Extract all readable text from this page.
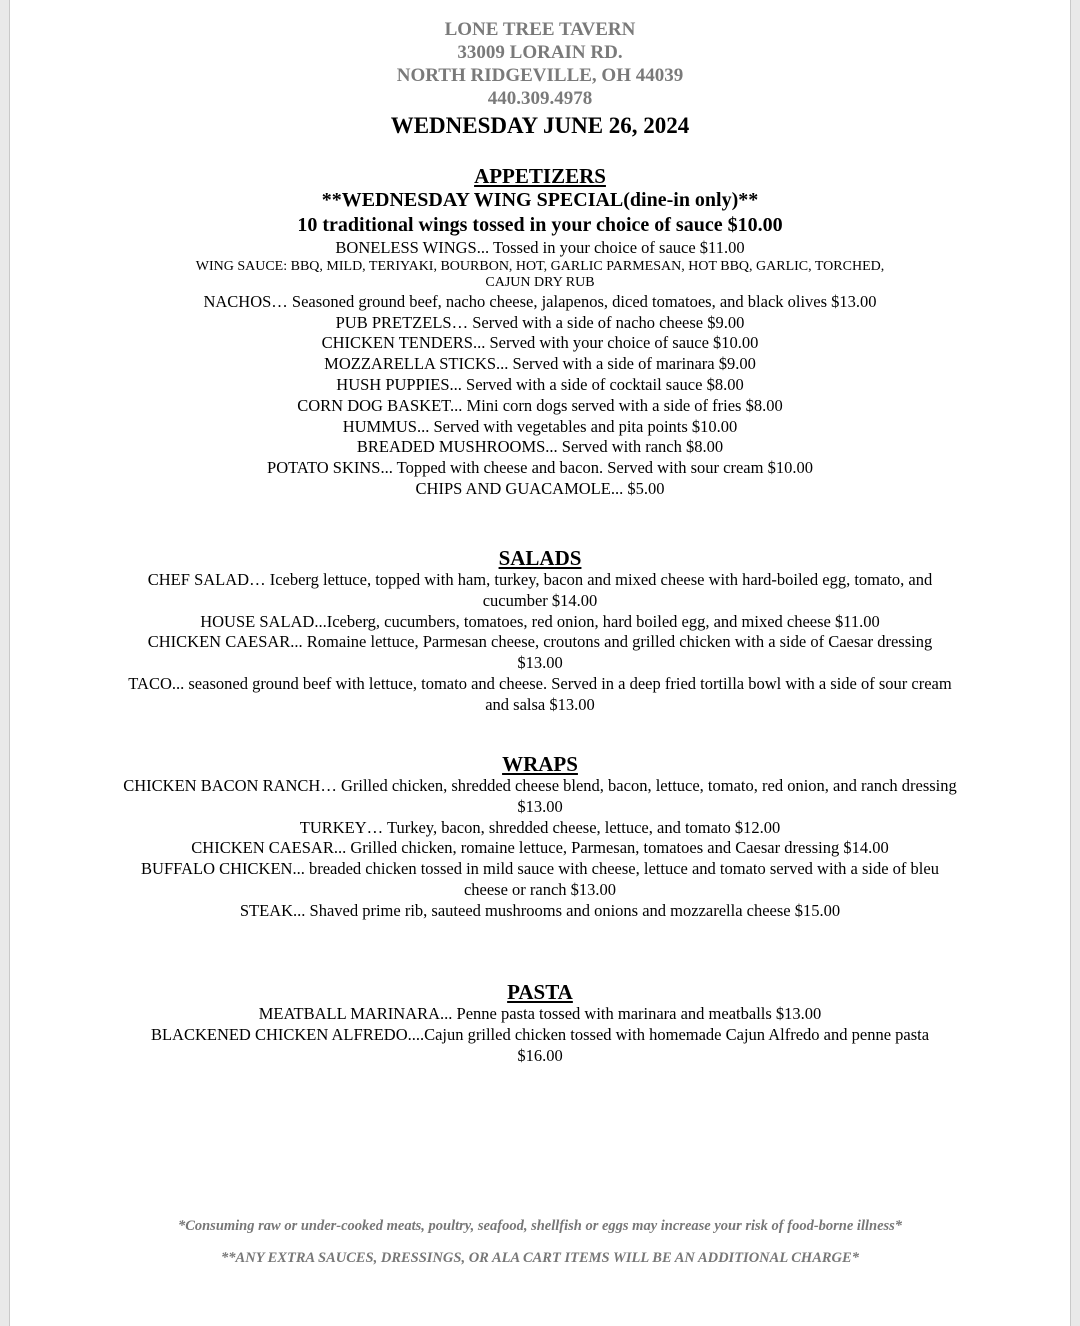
LONE TREE TAVERN
33009 LORAIN RD.
NORTH RIDGEVILLE, OH 44039
440.309.4978
WEDNESDAY JUNE 26, 2024
APPETIZERS
**WEDNESDAY WING SPECIAL(dine-in only)**
10 traditional wings tossed in your choice of sauce $10.00
BONELESS WINGS... Tossed in your choice of sauce $11.00
WING SAUCE: BBQ, MILD, TERIYAKI, BOURBON, HOT, GARLIC PARMESAN, HOT BBQ, GARLIC, TORCHED,
CAJUN DRY RUB
NACHOS… Seasoned ground beef, nacho cheese, jalapenos, diced tomatoes, and black olives $13.00
PUB PRETZELS… Served with a side of nacho cheese $9.00
CHICKEN TENDERS... Served with your choice of sauce $10.00
MOZZARELLA STICKS... Served with a side of marinara $9.00
HUSH PUPPIES... Served with a side of cocktail sauce $8.00
CORN DOG BASKET... Mini corn dogs served with a side of fries $8.00
HUMMUS... Served with vegetables and pita points $10.00
BREADED MUSHROOMS... Served with ranch $8.00
POTATO SKINS... Topped with cheese and bacon. Served with sour cream $10.00
CHIPS AND GUACAMOLE... $5.00
SALADS
CHEF SALAD… Iceberg lettuce, topped with ham, turkey, bacon and mixed cheese with hard-boiled egg, tomato, and cucumber $14.00
HOUSE SALAD...Iceberg, cucumbers, tomatoes, red onion, hard boiled egg, and mixed cheese $11.00
CHICKEN CAESAR... Romaine lettuce, Parmesan cheese, croutons and grilled chicken with a side of Caesar dressing $13.00
TACO... seasoned ground beef with lettuce, tomato and cheese. Served in a deep fried tortilla bowl with a side of sour cream and salsa $13.00
WRAPS
CHICKEN BACON RANCH… Grilled chicken, shredded cheese blend, bacon, lettuce, tomato, red onion, and ranch dressing $13.00
TURKEY… Turkey, bacon, shredded cheese, lettuce, and tomato $12.00
CHICKEN CAESAR... Grilled chicken, romaine lettuce, Parmesan, tomatoes and Caesar dressing $14.00
BUFFALO CHICKEN... breaded chicken tossed in mild sauce with cheese, lettuce and tomato served with a side of bleu cheese or ranch $13.00
STEAK... Shaved prime rib, sauteed mushrooms and onions and mozzarella cheese $15.00
PASTA
MEATBALL MARINARA... Penne pasta tossed with marinara and meatballs $13.00
BLACKENED CHICKEN ALFREDO....Cajun grilled chicken tossed with homemade Cajun Alfredo and penne pasta $16.00
*Consuming raw or under-cooked meats, poultry, seafood, shellfish or eggs may increase your risk of food-borne illness*
**ANY EXTRA SAUCES, DRESSINGS, OR ALA CART ITEMS WILL BE AN ADDITIONAL CHARGE*
